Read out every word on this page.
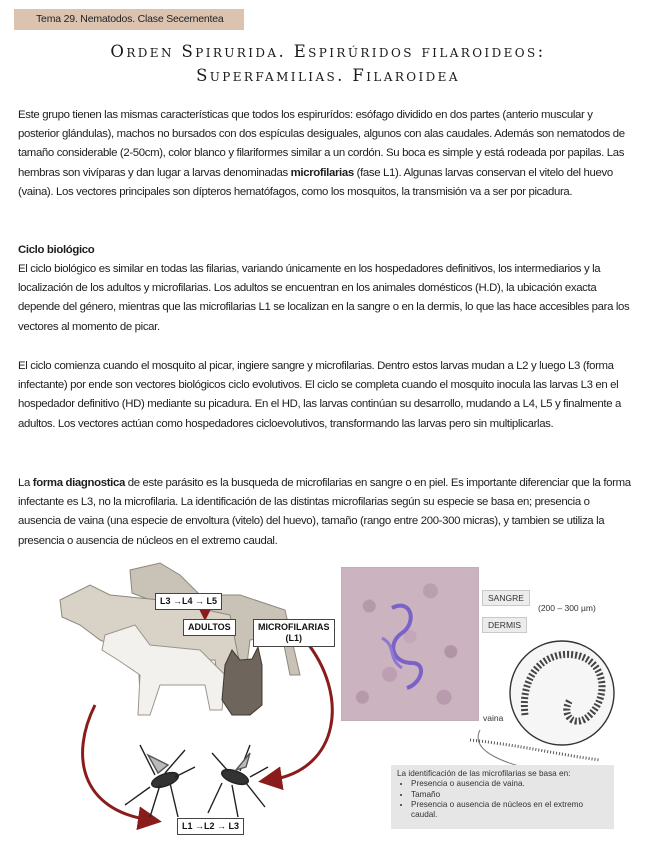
Tema 29. Nematodos. Clase Secernentea
Orden Spirurida. Espirúridos filaroideos:
Superfamilias. Filaroidea
Este grupo tienen las mismas características que todos los espirurídos: esófago dividido en dos partes (anterio muscular y posterior glándulas), machos no bursados con dos espículas desiguales, algunos con alas caudales. Además son nematodos de tamaño considerable (2-50cm), color blanco y filariformes similar a un cordón. Su boca es simple y está rodeada por papilas. Las hembras son vivíparas y dan lugar a larvas denominadas microfilarias (fase L1). Algunas larvas conservan el vitelo del huevo (vaina). Los vectores principales son dípteros hematófagos, como los mosquitos, la transmisión va a ser por picadura.
Ciclo biológico
El ciclo biológico es similar en todas las filarias, variando únicamente en los hospedadores definitivos, los intermediarios y la localización de los adultos y microfilarias. Los adultos se encuentran en los animales domésticos (H.D), la ubicación exacta depende del género, mientras que las microfilarias L1 se localizan en la sangre o en la dermis, lo que las hace accesibles para los vectores al momento de picar.
El ciclo comienza cuando el mosquito al picar, ingiere sangre y microfilarias. Dentro estos larvas mudan a L2 y luego L3 (forma infectante) por ende son vectores biológicos ciclo evolutivos. El ciclo se completa cuando el mosquito inocula las larvas L3 en el hospedador definitivo (HD) mediante su picadura. En el HD, las larvas continúan su desarrollo, mudando a L4, L5 y finalmente a adultos. Los vectores actúan como hospedadores cicloevolutivos, transformando las larvas pero sin multiplicarlas.
La forma diagnostica de este parásito es la busqueda de microfilarias en sangre o en piel. Es importante diferenciar que la forma infectante es L3, no la microfilaria. La identificación de las distintas microfilarias según su especie se basa en; presencia o ausencia de vaina (una especie de envoltura (vitelo) del huevo), tamaño (rango entre 200-300 micras), y tambien se utiliza la presencia o ausencia de núcleos en el extremo caudal.
L3 →L4 → L5
ADULTOS	MICROFILARIAS
(L1)
L1 →L2 → L3
SANGRE
DERMIS
(200 – 300 µm)
vaina
La identificación de las microfilarias se basa en:
• Presencia o ausencia de vaina.
• Tamaño
• Presencia o ausencia de núcleos en el extremo caudal.
